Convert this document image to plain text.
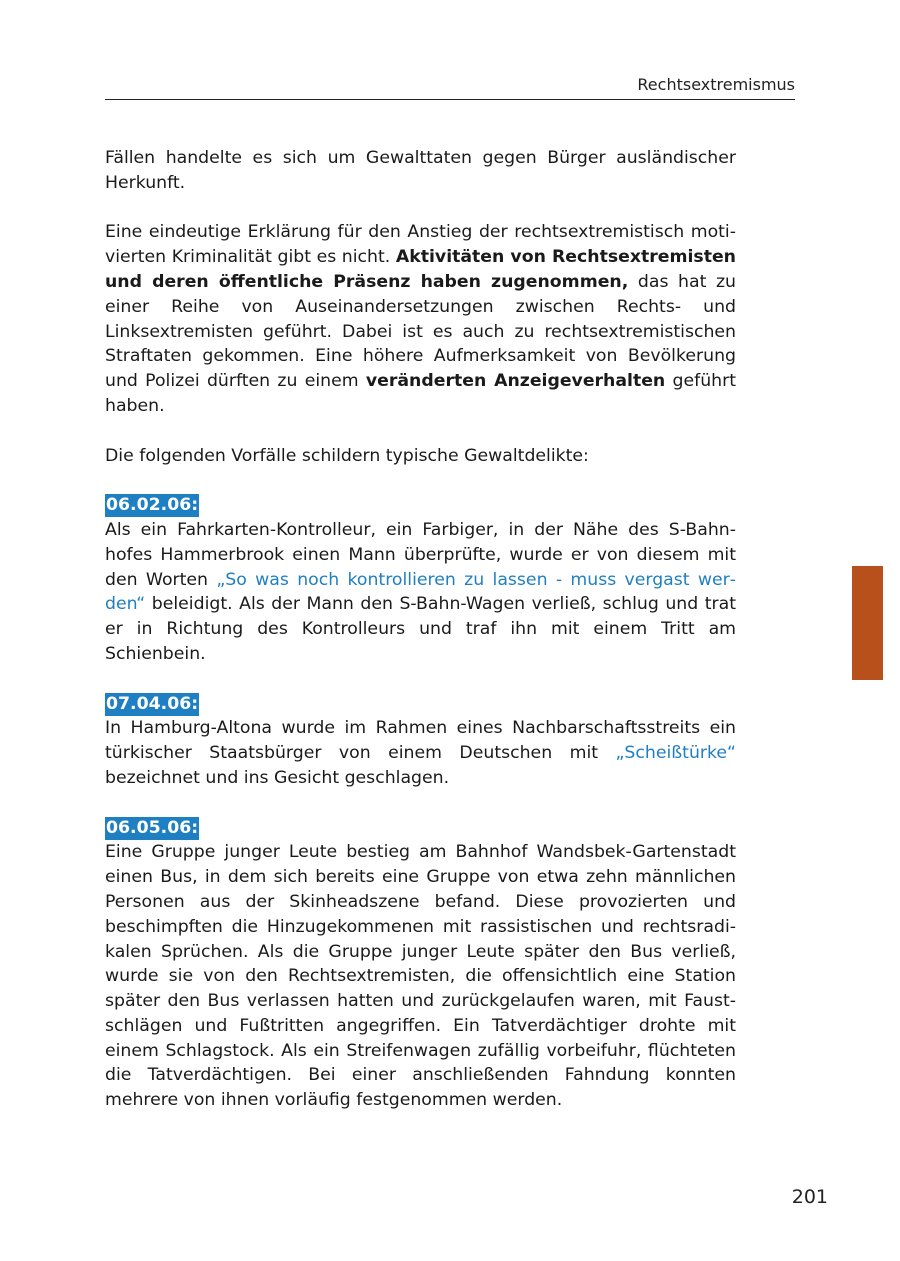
Rechtsextremismus

Fällen handelte es sich um Gewalttaten gegen Bürger ausländischer Herkunft.

Eine eindeutige Erklärung für den Anstieg der rechtsextremistisch motivierten Kriminalität gibt es nicht. Aktivitäten von Rechtsextremisten und deren öffentliche Präsenz haben zugenommen, das hat zu einer Reihe von Auseinandersetzungen zwischen Rechts- und Linksextremisten geführt. Dabei ist es auch zu rechtsextremistischen Straftaten gekommen. Eine höhere Aufmerksamkeit von Bevölkerung und Polizei dürften zu einem veränderten Anzeigeverhalten geführt haben.

Die folgenden Vorfälle schildern typische Gewaltdelikte:

06.02.06:

Als ein Fahrkarten-Kontrolleur, ein Farbiger, in der Nähe des S-Bahnhofes Hammerbrook einen Mann überprüfte, wurde er von diesem mit den Worten „So was noch kontrollieren zu lassen - muss vergast werden“ beleidigt. Als der Mann den S-Bahn-Wagen verließ, schlug und trat er in Richtung des Kontrolleurs und traf ihn mit einem Tritt am Schienbein.

07.04.06:

In Hamburg-Altona wurde im Rahmen eines Nachbarschaftsstreits ein türkischer Staatsbürger von einem Deutschen mit „Scheißtürke“ bezeichnet und ins Gesicht geschlagen.

06.05.06:

Eine Gruppe junger Leute bestieg am Bahnhof Wandsbek-Gartenstadt einen Bus, in dem sich bereits eine Gruppe von etwa zehn männlichen Personen aus der Skinheadszene befand. Diese provozierten und beschimpften die Hinzugekommenen mit rassistischen und rechtsradikalen Sprüchen. Als die Gruppe junger Leute später den Bus verließ, wurde sie von den Rechtsextremisten, die offensichtlich eine Station später den Bus verlassen hatten und zurückgelaufen waren, mit Faustschlägen und Fußtritten angegriffen. Ein Tatverdächtiger drohte mit einem Schlagstock. Als ein Streifenwagen zufällig vorbeifuhr, flüchteten die Tatverdächtigen. Bei einer anschließenden Fahndung konnten mehrere von ihnen vorläufig festgenommen werden.

201
